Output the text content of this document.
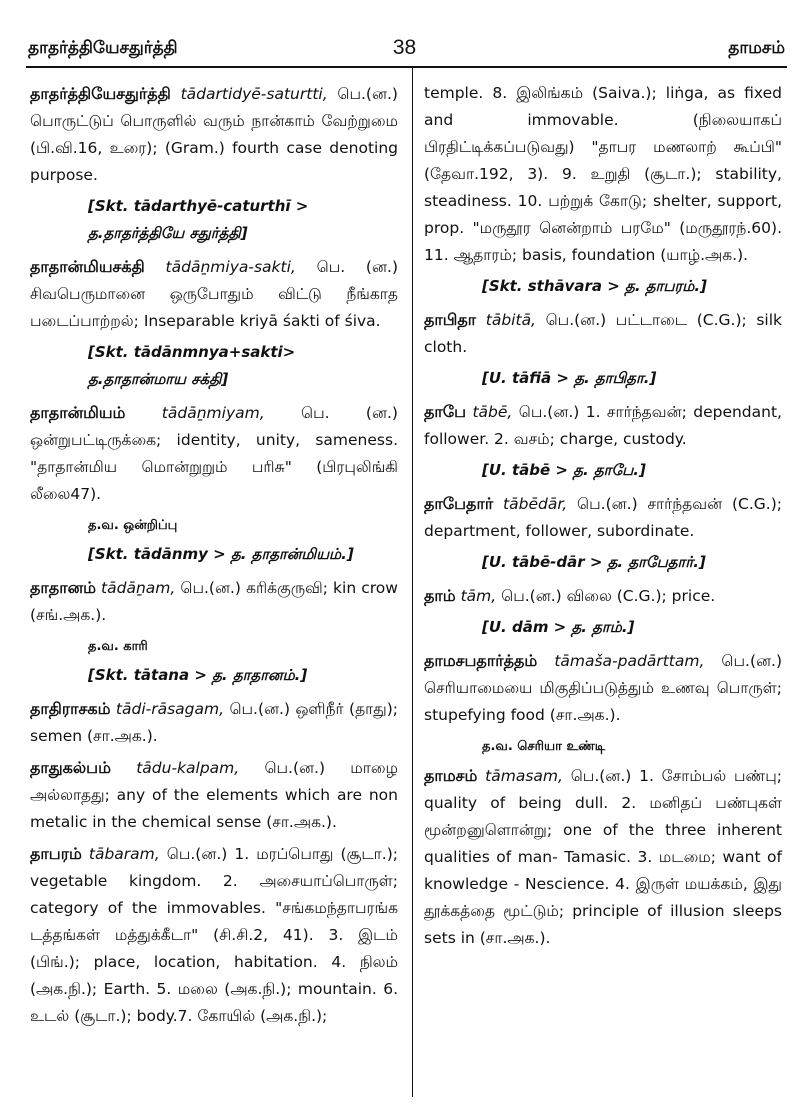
தாதர்த்தியேசதுர்த்தி	38	தாமசம்
தாதர்த்தியேசதுர்த்தி tādartidyē-saturtti, பெ.(ன.) பொருட்டுப் பொருளில் வரும் நான்காம் வேற்றுமை (பி.வி.16, உரை); (Gram.) fourth case denoting purpose.
[Skt. tādarthyē-caturthī > த.தாதர்த்தியே சதுர்த்தி]
தாதான்மியசக்தி tādāṉmiya-sakti, பெ. (ன.) சிவபெருமானை ஒருபோதும் விட்டு நீங்காத படைப்பாற்றல்; Inseparable kriyā śakti of śiva.
[Skt. tādānmnya+sakti> த.தாதான்மாய சக்தி]
தாதான்மியம் tādāṉmiyam, பெ. (ன.) ஒன்றுபட்டிருக்கை; identity, unity, sameness. "தாதான்மிய மொன்றுறும் பரிசு" (பிரபுலிங்கி லீலை47).
த.வ. ஒன்றிப்பு
[Skt. tādānmy > த. தாதான்மியம்.]
தாதானம் tādāṉam, பெ.(ன.) கரிக்குருவி; kin crow (சங்.அக.).
த.வ. காரி
[Skt. tātana > த. தாதானம்.]
தாதிராசகம் tādi-rāsagam, பெ.(ன.) ஒளிநீர் (தாது); semen (சா.அக.).
தாதுகல்பம் tādu-kalpam, பெ.(ன.) மாழை அல்லாதது; any of the elements which are non metalic in the chemical sense (சா.அக.).
தாபரம் tābaram, பெ.(ன.) 1. மரப்பொது (சூடா.); vegetable kingdom. 2. அசையாப்பொருள்; category of the immovables. "சங்கமந்தாபரங்க டத்தங்கள் மத்துக்கீடா" (சி.சி.2, 41). 3. இடம் (பிங்.); place, location, habitation. 4. நிலம் (அக.நி.); Earth. 5. மலை (அக.நி.); mountain. 6. உடல் (சூடா.); body.7. கோயில் (அக.நி.);
temple. 8. இலிங்கம் (Saiva.); liṅga, as fixed and immovable. (நிலையாகப் பிரதிட்டிக்கப்படுவது) "தாபர மணலாற் கூப்பி" (தேவா.192, 3). 9. உறுதி (சூடா.); stability, steadiness. 10. பற்றுக் கோடு; shelter, support, prop. "மருதூர னென்றாம் பரமே" (மருதூரந்.60). 11. ஆதாரம்; basis, foundation (யாழ்.அக.).
[Skt. sthāvara > த. தாபரம்.]
தாபிதா tābitā, பெ.(ன.) பட்டாடை (C.G.); silk cloth.
[U. tāfiā > த. தாபிதா.]
தாபே tābē, பெ.(ன.) 1. சார்ந்தவன்; dependant, follower. 2. வசம்; charge, custody.
[U. tābē > த. தாபே.]
தாபேதார் tābēdār, பெ.(ன.) சார்ந்தவன் (C.G.); department, follower, subordinate.
[U. tābē-dār > த. தாபேதார்.]
தாம் tām, பெ.(ன.) விலை (C.G.); price.
[U. dām > த. தாம்.]
தாமசபதார்த்தம் tāmaša-padārttam, பெ.(ன.) செரியாமையை மிகுதிப்படுத்தும் உணவு பொருள்; stupefying food (சா.அக.).
த.வ. செரியா உண்டி
தாமசம் tāmasam, பெ.(ன.) 1. சோம்பல் பண்பு; quality of being dull. 2. மனிதப் பண்புகள் மூன்றனுளொன்று; one of the three inherent qualities of man- Tamasic. 3. மடமை; want of knowledge - Nescience. 4. இருள் மயக்கம், இது தூக்கத்தை மூட்டும்; principle of illusion sleeps sets in (சா.அக.).
